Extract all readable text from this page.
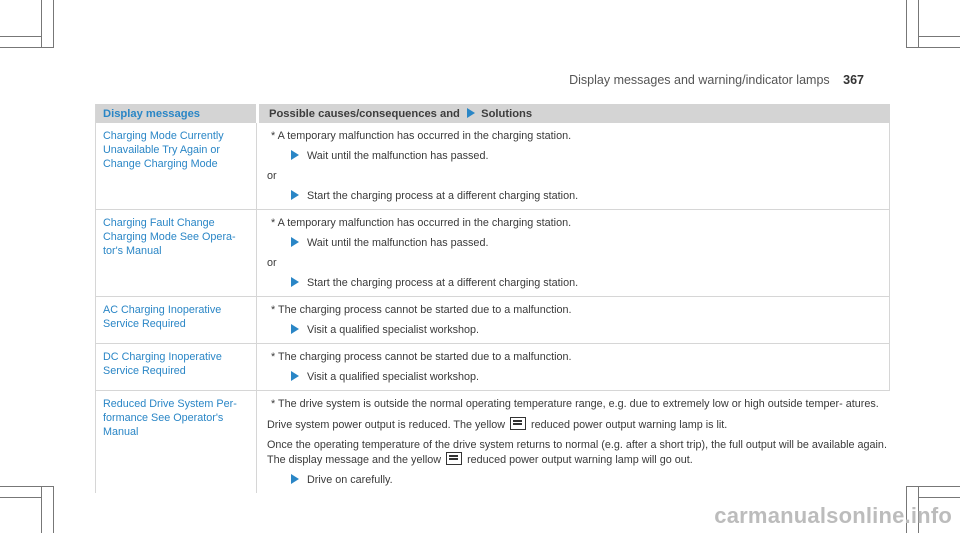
Display messages and warning/indicator lamps 367
Display messages	Possible causes/consequences and Solutions
Charging Mode Currently Unavailable Try Again or Change Charging Mode

* A temporary malfunction has occurred in the charging station.

Wait until the malfunction has passed.

or

Start the charging process at a different charging station.

Charging Fault Change Charging Mode See Opera- tor's Manual

* A temporary malfunction has occurred in the charging station.

Wait until the malfunction has passed.

or

Start the charging process at a different charging station.

AC Charging Inoperative Service Required

* The charging process cannot be started due to a malfunction.

Visit a qualified specialist workshop.

DC Charging Inoperative Service Required

* The charging process cannot be started due to a malfunction.

Visit a qualified specialist workshop.

Reduced Drive System Per- formance See Operator's Manual

* The drive system is outside the normal operating temperature range, e.g. due to extremely low or high outside temper- atures.

Drive system power output is reduced. The yellow reduced power output warning lamp is lit.

Once the operating temperature of the drive system returns to normal (e.g. after a short trip), the full output will be available again. The display message and the yellow reduced power output warning lamp will go out.

Drive on carefully.

carmanualsonline.info
